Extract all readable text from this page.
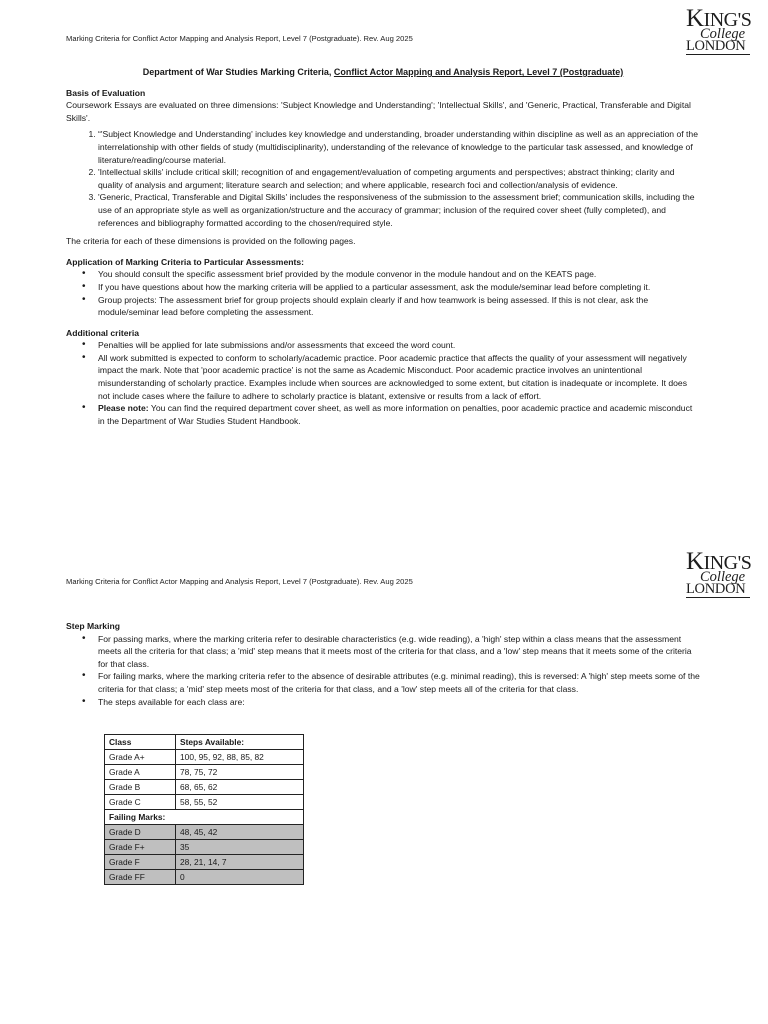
Marking Criteria for Conflict Actor Mapping and Analysis Report, Level 7 (Postgraduate). Rev. Aug 2025
KING'S
College
LONDON
Department of War Studies Marking Criteria, Conflict Actor Mapping and Analysis Report, Level 7 (Postgraduate)

Basis of Evaluation

Coursework Essays are evaluated on three dimensions: 'Subject Knowledge and Understanding'; 'Intellectual Skills', and 'Generic, Practical, Transferable and Digital Skills'.

1. “'Subject Knowledge and Understanding' includes key knowledge and understanding, broader understanding within discipline as well as an appreciation of the interrelationship with other fields of study (multidisciplinarity), understanding of the relevance of knowledge to the particular task assessed, and knowledge of literature/reading/course material.
2. 'Intellectual skills' include critical skill; recognition of and engagement/evaluation of competing arguments and perspectives; abstract thinking; clarity and quality of analysis and argument; literature search and selection; and where applicable, research foci and collection/analysis of evidence.
3. 'Generic, Practical, Transferable and Digital Skills' includes the responsiveness of the submission to the assessment brief; communication skills, including the use of an appropriate style as well as organization/structure and the accuracy of grammar; inclusion of the required cover sheet (fully completed), and references and bibliography formatted according to the chosen/required style.

The criteria for each of these dimensions is provided on the following pages.

Application of Marking Criteria to Particular Assessments:

• You should consult the specific assessment brief provided by the module convenor in the module handout and on the KEATS page.
• If you have questions about how the marking criteria will be applied to a particular assessment, ask the module/seminar lead before completing it.
• Group projects: The assessment brief for group projects should explain clearly if and how teamwork is being assessed. If this is not clear, ask the module/seminar lead before completing the assessment.

Additional criteria

• Penalties will be applied for late submissions and/or assessments that exceed the word count.
• All work submitted is expected to conform to scholarly/academic practice. Poor academic practice that affects the quality of your assessment will negatively impact the mark. Note that 'poor academic practice' is not the same as Academic Misconduct. Poor academic practice involves an unintentional misunderstanding of scholarly practice. Examples include when sources are acknowledged to some extent, but citation is inadequate or incomplete. It does not include cases where the failure to adhere to scholarly practice is blatant, extensive or results from a lack of effort.
• Please note: You can find the required department cover sheet, as well as more information on penalties, poor academic practice and academic misconduct in the Department of War Studies Student Handbook.
Marking Criteria for Conflict Actor Mapping and Analysis Report, Level 7 (Postgraduate). Rev. Aug 2025
KING'S
College
LONDON

Step Marking

• For passing marks, where the marking criteria refer to desirable characteristics (e.g. wide reading), a 'high' step within a class means that the assessment meets all the criteria for that class; a 'mid' step means that it meets most of the criteria for that class, and a 'low' step means that it meets some of the criteria for that class.
• For failing marks, where the marking criteria refer to the absence of desirable attributes (e.g. minimal reading), this is reversed: A 'high' step meets some of the criteria for that class; a 'mid' step meets most of the criteria for that class, and a 'low' step meets all of the criteria for that class.
• The steps available for each class are:
Class	Steps Available:
Grade A+	100, 95, 92, 88, 85, 82
Grade A	78, 75, 72
Grade B	68, 65, 62
Grade C	58, 55, 52
Failing Marks:	
Grade D	48, 45, 42
Grade F+	35
Grade F	28, 21, 14, 7
Grade FF	0
